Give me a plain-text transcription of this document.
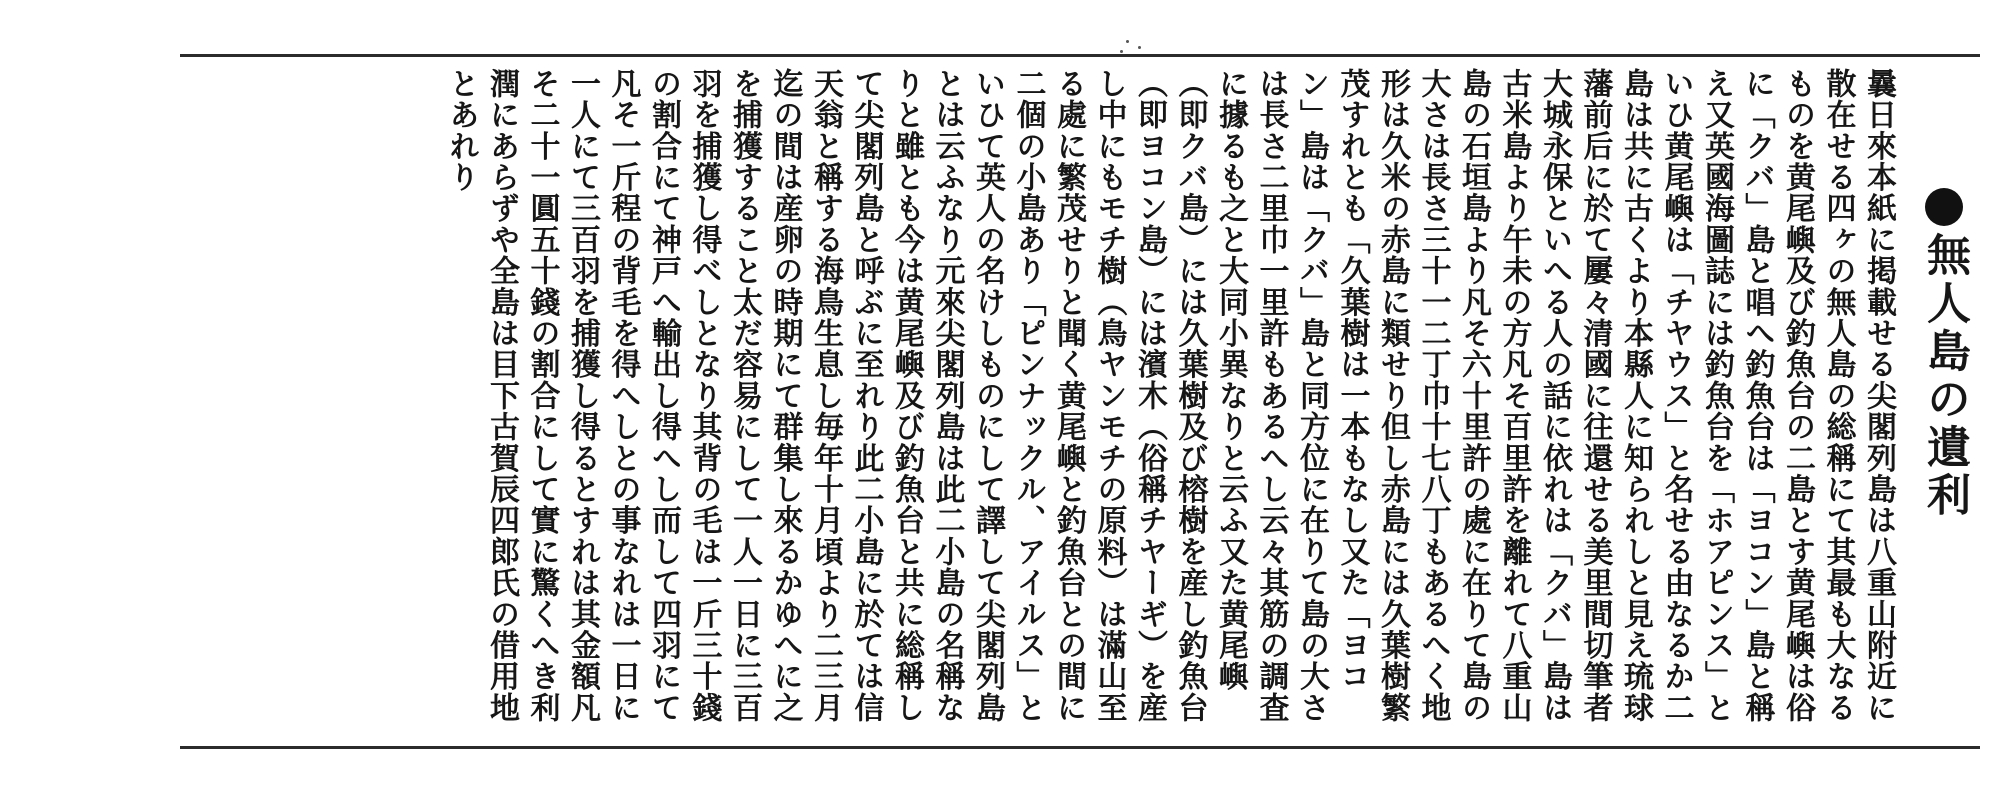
無人島の遺利
曩日來本紙に掲載せる尖閣列島は八重山附近に散在せる四ヶの無人島の総稱にて其最も大なるものを黄尾嶼及び釣魚台の二島とす黄尾嶼は俗に「クバ」島と唱へ釣魚台は「ヨコン」島と稱え又英國海圖誌には釣魚台を「ホアピンス」といひ黄尾嶼は「チヤウス」と名せる由なるか二島は共に古くより本縣人に知られしと見え琉球藩前后に於て屢々清國に往還せる美里間切筆者大城永保といへる人の話に依れは「クバ」島は古米島より午未の方凡そ百里許を離れて八重山島の石垣島より凡そ六十里許の處に在りて島の大さは長さ三十一二丁巾十七八丁もあるへく地形は久米の赤島に類せり但し赤島には久葉樹繁茂すれとも「久葉樹は一本もなし又た「ヨコン」島は「クバ」島と同方位に在りて島の大さは長さ二里巾一里許もあるへし云々其筋の調査に據るも之と大同小異なりと云ふ又た黄尾嶼（即クバ島）には久葉樹及び榕樹を産し釣魚台（即ヨコン島）には濱木（俗稱チヤーギ）を産し中にもモチ樹（鳥ヤンモチの原料）は滿山至る處に繁茂せりと聞く黄尾嶼と釣魚台との間に二個の小島あり「ピンナックル、アイルス」といひて英人の名けしものにして譯して尖閣列島とは云ふなり元來尖閣列島は此二小島の名稱なりと雖とも今は黄尾嶼及び釣魚台と共に総稱して尖閣列島と呼ぶに至れり此二小島に於ては信天翁と稱する海鳥生息し毎年十月頃より二三月迄の間は産卵の時期にて群集し來るかゆへに之を捕獲すること太だ容易にして一人一日に三百羽を捕獲し得べしとなり其背の毛は一斤三十錢の割合にて神戸へ輸出し得へし而して四羽にて凡そ一斤程の背毛を得へしとの事なれは一日に一人にて三百羽を捕獲し得るとすれは其金額凡そ二十一圓五十錢の割合にして實に驚くへき利潤にあらずや全島は目下古賀辰四郎氏の借用地とあれり
